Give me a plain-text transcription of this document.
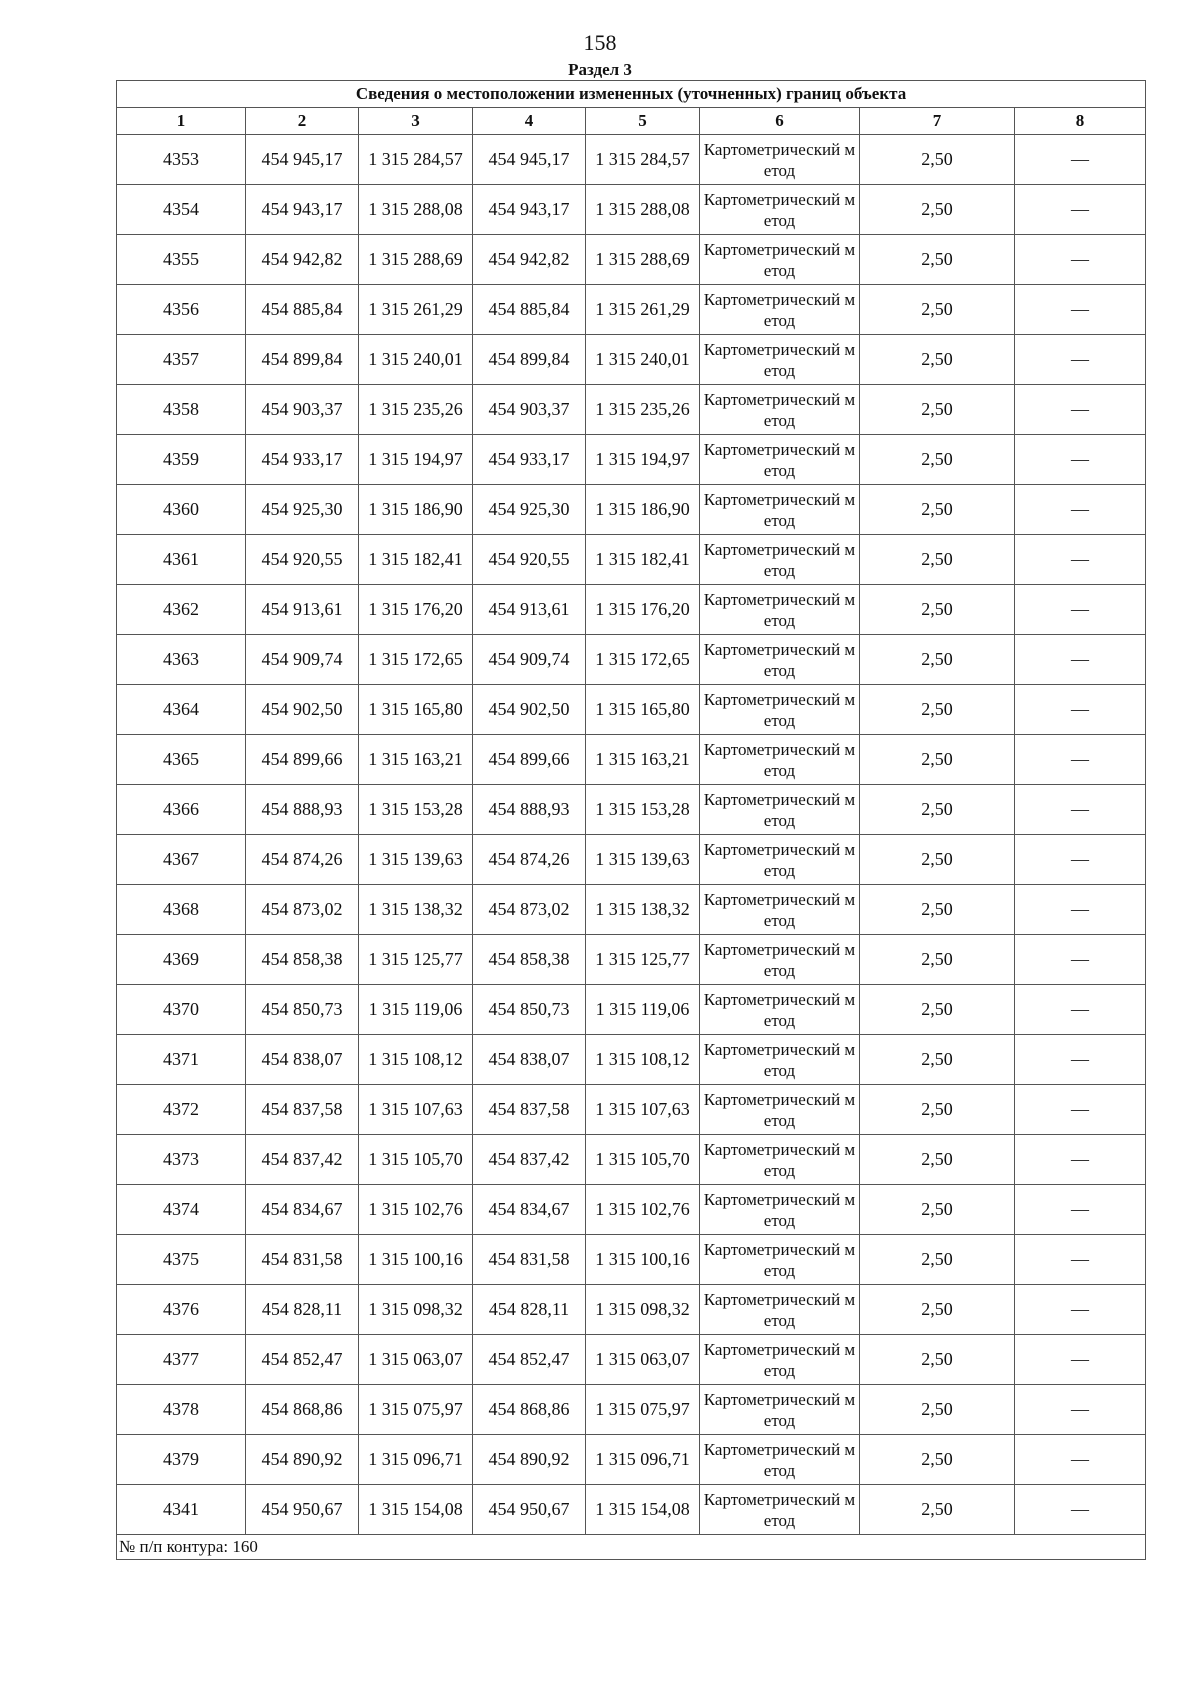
158
Раздел 3
Сведения о местоположении измененных (уточненных) границ объекта							
1	2	3	4	5	6	7	8
4353	454 945,17	1 315 284,57	454 945,17	1 315 284,57	Картометрический метод	2,50	—
4354	454 943,17	1 315 288,08	454 943,17	1 315 288,08	Картометрический метод	2,50	—
4355	454 942,82	1 315 288,69	454 942,82	1 315 288,69	Картометрический метод	2,50	—
4356	454 885,84	1 315 261,29	454 885,84	1 315 261,29	Картометрический метод	2,50	—
4357	454 899,84	1 315 240,01	454 899,84	1 315 240,01	Картометрический метод	2,50	—
4358	454 903,37	1 315 235,26	454 903,37	1 315 235,26	Картометрический метод	2,50	—
4359	454 933,17	1 315 194,97	454 933,17	1 315 194,97	Картометрический метод	2,50	—
4360	454 925,30	1 315 186,90	454 925,30	1 315 186,90	Картометрический метод	2,50	—
4361	454 920,55	1 315 182,41	454 920,55	1 315 182,41	Картометрический метод	2,50	—
4362	454 913,61	1 315 176,20	454 913,61	1 315 176,20	Картометрический метод	2,50	—
4363	454 909,74	1 315 172,65	454 909,74	1 315 172,65	Картометрический метод	2,50	—
4364	454 902,50	1 315 165,80	454 902,50	1 315 165,80	Картометрический метод	2,50	—
4365	454 899,66	1 315 163,21	454 899,66	1 315 163,21	Картометрический метод	2,50	—
4366	454 888,93	1 315 153,28	454 888,93	1 315 153,28	Картометрический метод	2,50	—
4367	454 874,26	1 315 139,63	454 874,26	1 315 139,63	Картометрический метод	2,50	—
4368	454 873,02	1 315 138,32	454 873,02	1 315 138,32	Картометрический метод	2,50	—
4369	454 858,38	1 315 125,77	454 858,38	1 315 125,77	Картометрический метод	2,50	—
4370	454 850,73	1 315 119,06	454 850,73	1 315 119,06	Картометрический метод	2,50	—
4371	454 838,07	1 315 108,12	454 838,07	1 315 108,12	Картометрический метод	2,50	—
4372	454 837,58	1 315 107,63	454 837,58	1 315 107,63	Картометрический метод	2,50	—
4373	454 837,42	1 315 105,70	454 837,42	1 315 105,70	Картометрический метод	2,50	—
4374	454 834,67	1 315 102,76	454 834,67	1 315 102,76	Картометрический метод	2,50	—
4375	454 831,58	1 315 100,16	454 831,58	1 315 100,16	Картометрический метод	2,50	—
4376	454 828,11	1 315 098,32	454 828,11	1 315 098,32	Картометрический метод	2,50	—
4377	454 852,47	1 315 063,07	454 852,47	1 315 063,07	Картометрический метод	2,50	—
4378	454 868,86	1 315 075,97	454 868,86	1 315 075,97	Картометрический метод	2,50	—
4379	454 890,92	1 315 096,71	454 890,92	1 315 096,71	Картометрический метод	2,50	—
4341	454 950,67	1 315 154,08	454 950,67	1 315 154,08	Картометрический метод	2,50	—
№ п/п контура: 160							
